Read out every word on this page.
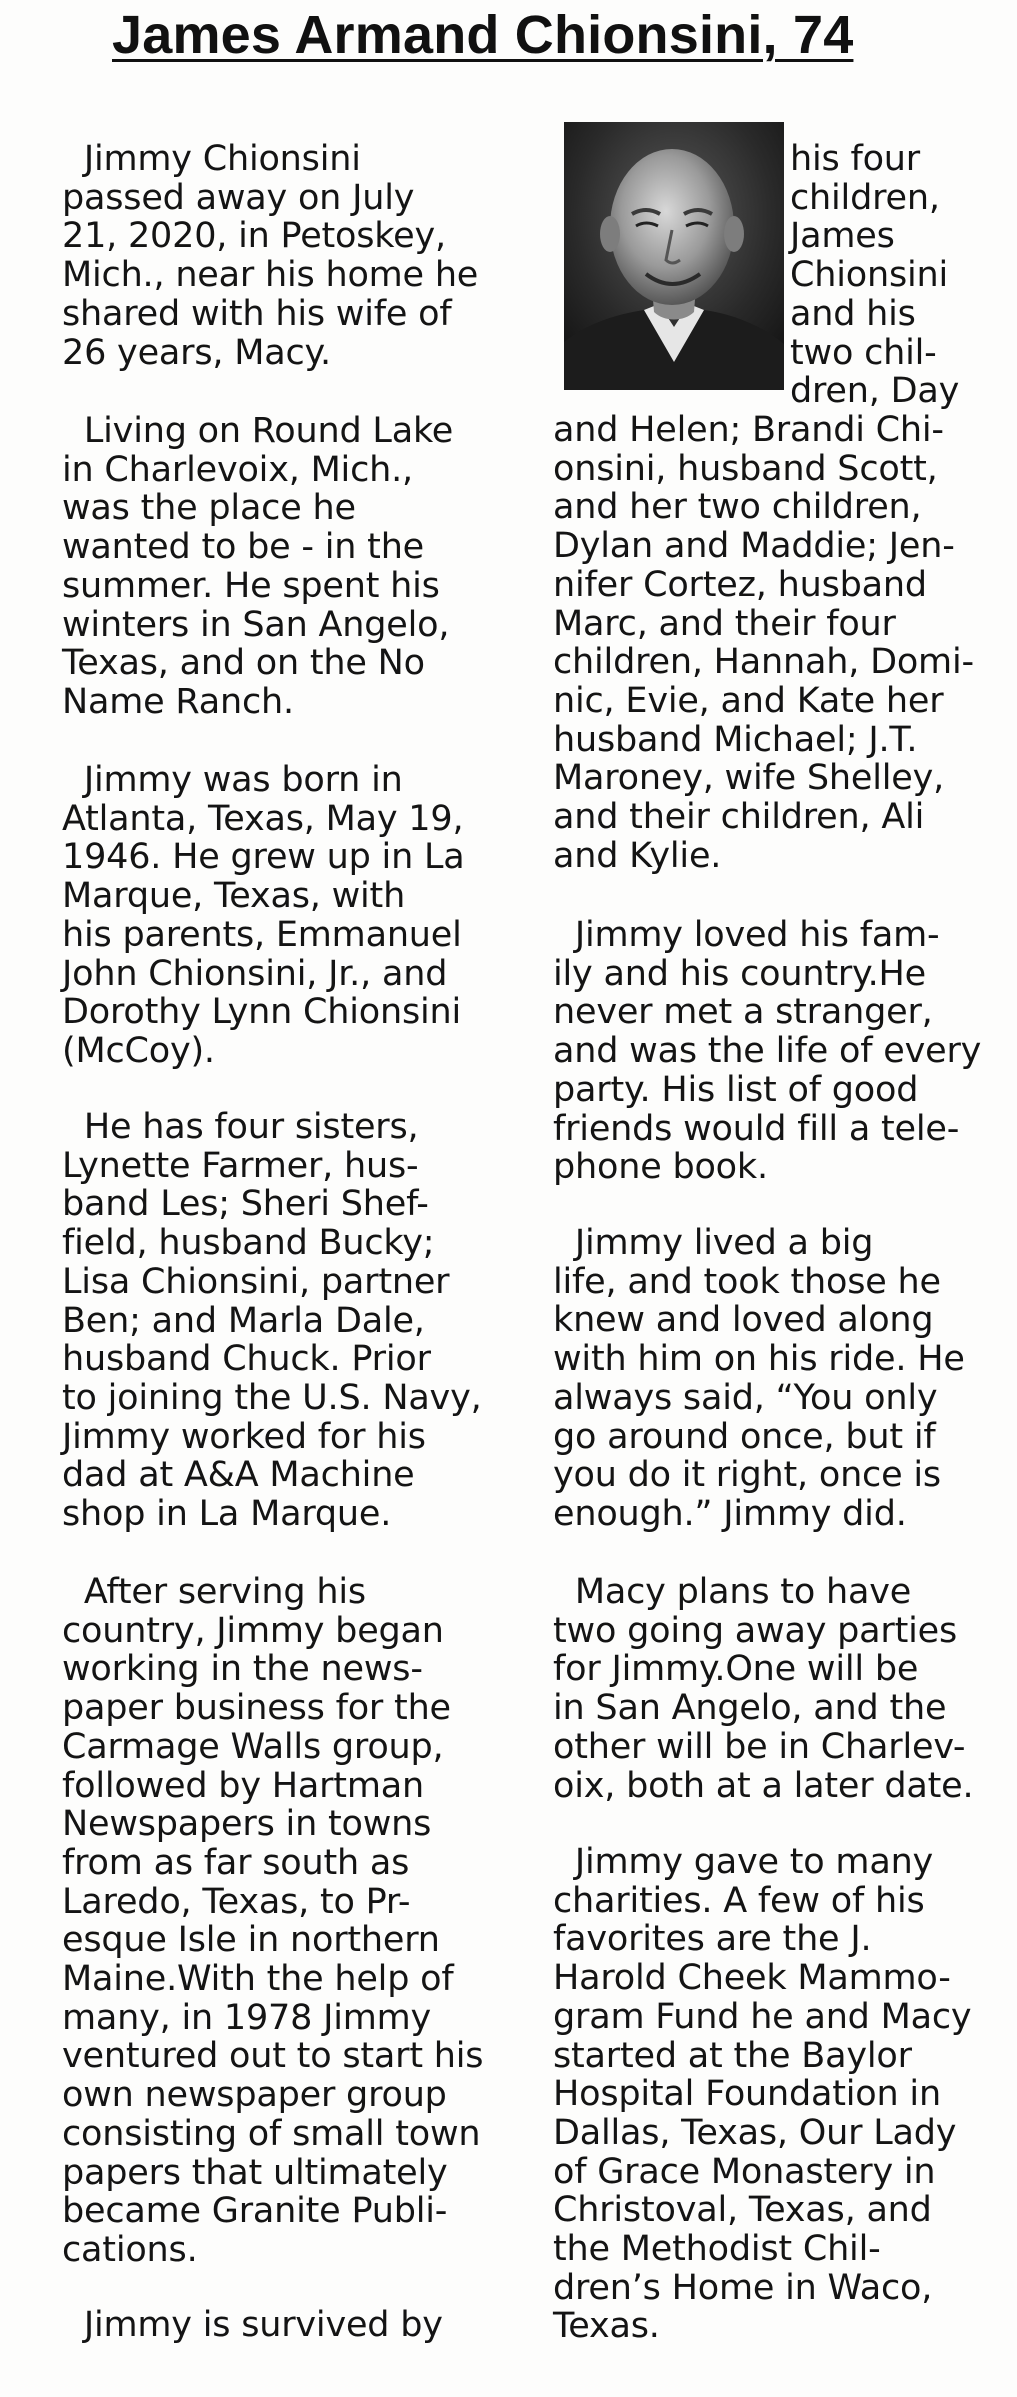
James Armand Chionsini, 74

Jimmy Chionsini
passed away on July
21, 2020, in Petoskey,
Mich., near his home he
shared with his wife of
26 years, Macy.

Living on Round Lake
in Charlevoix, Mich.,
was the place he
wanted to be - in the
summer. He spent his
winters in San Angelo,
Texas, and on the No
Name Ranch.

Jimmy was born in
Atlanta, Texas, May 19,
1946. He grew up in La
Marque, Texas, with
his parents, Emmanuel
John Chionsini, Jr., and
Dorothy Lynn Chionsini
(McCoy).

He has four sisters,
Lynette Farmer, hus-
band Les; Sheri Shef-
field, husband Bucky;
Lisa Chionsini, partner
Ben; and Marla Dale,
husband Chuck. Prior
to joining the U.S. Navy,
Jimmy worked for his
dad at A&A Machine
shop in La Marque.

After serving his
country, Jimmy began
working in the news-
paper business for the
Carmage Walls group,
followed by Hartman
Newspapers in towns
from as far south as
Laredo, Texas, to Pr-
esque Isle in northern
Maine.With the help of
many, in 1978 Jimmy
ventured out to start his
own newspaper group
consisting of small town
papers that ultimately
became Granite Publi-
cations.

Jimmy is survived by

his four
children,
James
Chionsini
and his
two chil-
dren, Day

and Helen; Brandi Chi-
onsini, husband Scott,
and her two children,
Dylan and Maddie; Jen-
nifer Cortez, husband
Marc, and their four
children, Hannah, Domi-
nic, Evie, and Kate her
husband Michael; J.T.
Maroney, wife Shelley,
and their children, Ali
and Kylie.

Jimmy loved his fam-
ily and his country.He
never met a stranger,
and was the life of every
party. His list of good
friends would fill a tele-
phone book.

Jimmy lived a big
life, and took those he
knew and loved along
with him on his ride. He
always said, “You only
go around once, but if
you do it right, once is
enough.” Jimmy did.

Macy plans to have
two going away parties
for Jimmy.One will be
in San Angelo, and the
other will be in Charlev-
oix, both at a later date.

Jimmy gave to many
charities. A few of his
favorites are the J.
Harold Cheek Mammo-
gram Fund he and Macy
started at the Baylor
Hospital Foundation in
Dallas, Texas, Our Lady
of Grace Monastery in
Christoval, Texas, and
the Methodist Chil-
dren’s Home in Waco,
Texas.
